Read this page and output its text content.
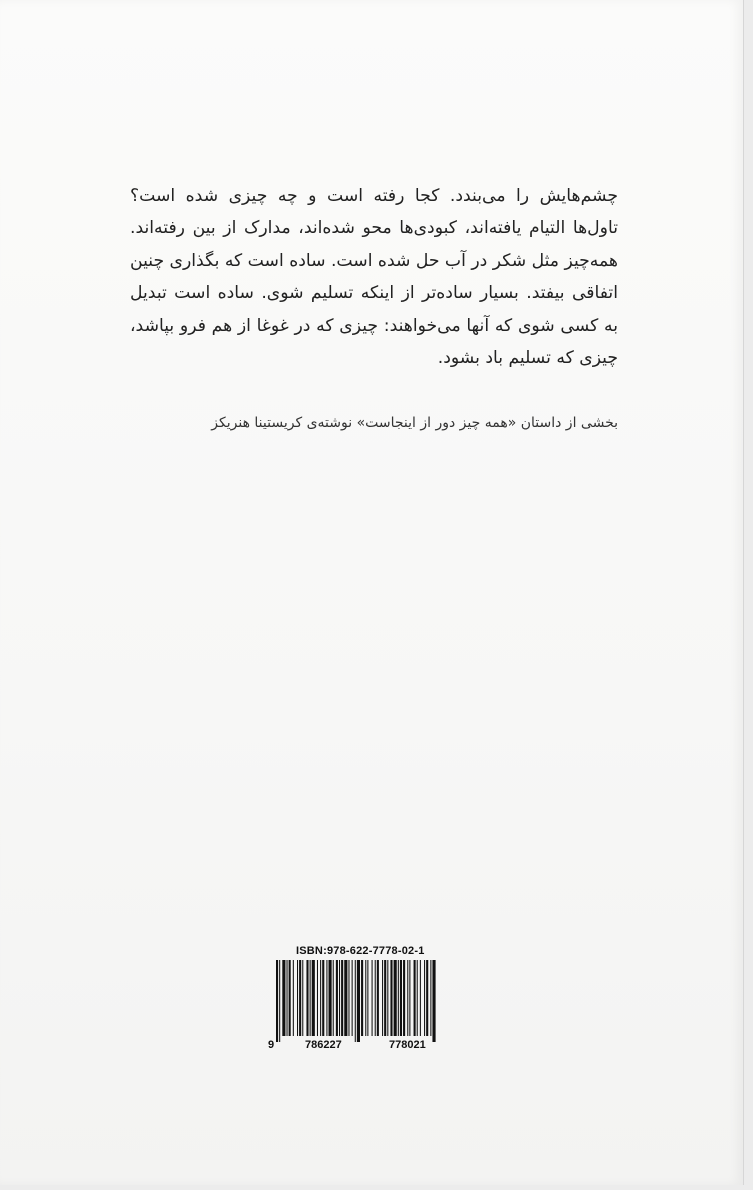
چشم‌هایش را می‌بندد. کجا رفته است و چه چیزی شده است؟ تاول‌ها التیام یافته‌اند، کبودی‌ها محو شده‌اند، مدارک از بین رفته‌اند. همه‌چیز مثل شکر در آب حل شده است. ساده است که بگذاری چنین اتفاقی بیفتد. بسیار ساده‌تر از اینکه تسلیم شوی. ساده است تبدیل به کسی شوی که آنها می‌خواهند: چیزی که در غوغا از هم فرو بپاشد، چیزی که تسلیم باد بشود.

بخشی از داستان «همه چیز دور از اینجاست» نوشته‌ی کریستینا هنریکز
ISBN:978-622-7778-02-1
9	786227	778021
